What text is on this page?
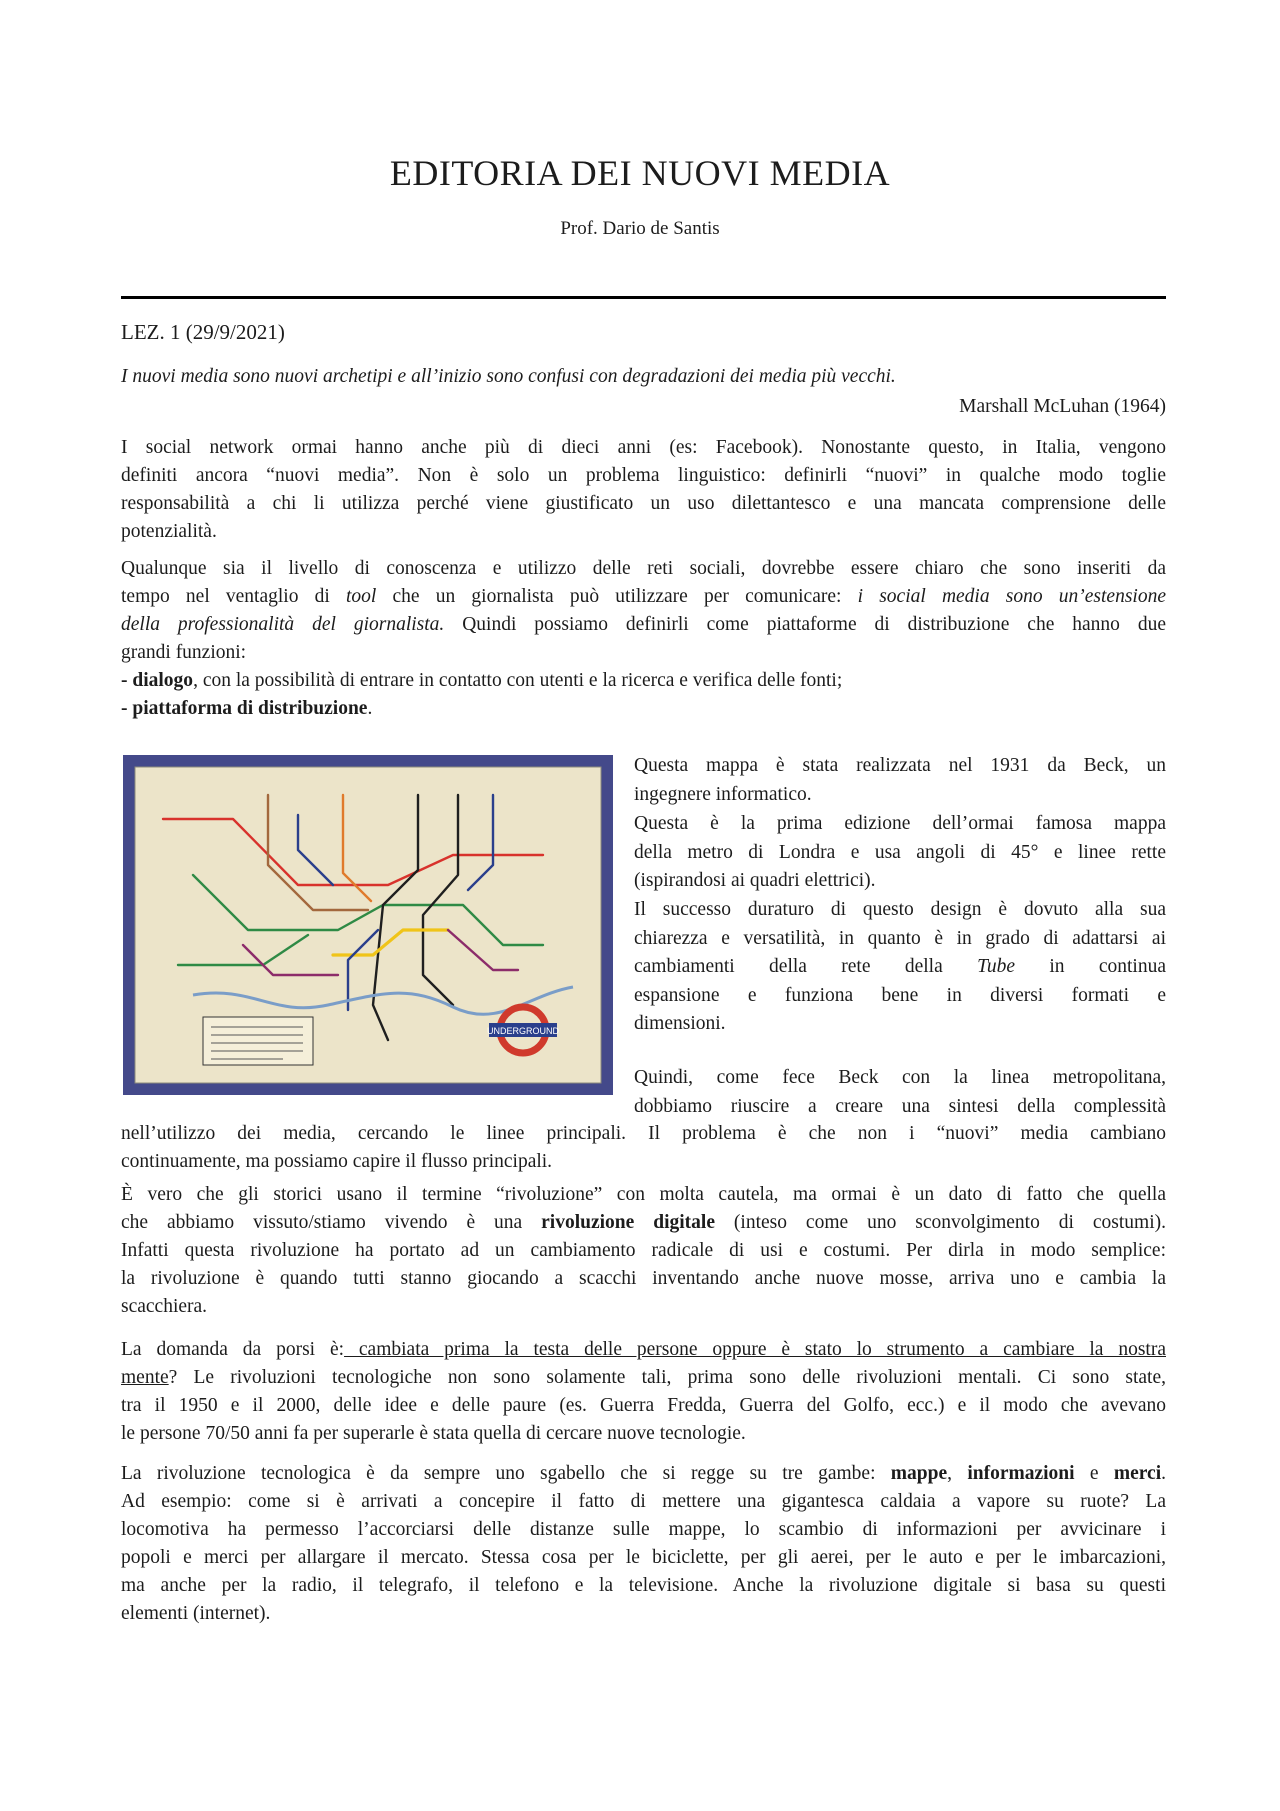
EDITORIA DEI NUOVI MEDIA
Prof. Dario de Santis
LEZ. 1 (29/9/2021)
I nuovi media sono nuovi archetipi e all’inizio sono confusi con degradazioni dei media più vecchi.
Marshall McLuhan (1964)
I social network ormai hanno anche più di dieci anni (es: Facebook). Nonostante questo, in Italia, vengono
definiti ancora “nuovi media”. Non è solo un problema linguistico: definirli “nuovi” in qualche modo toglie
responsabilità a chi li utilizza perché viene giustificato un uso dilettantesco e una mancata comprensione delle
potenzialità.
Qualunque sia il livello di conoscenza e utilizzo delle reti sociali, dovrebbe essere chiaro che sono inseriti da
tempo nel ventaglio di tool che un giornalista può utilizzare per comunicare: i social media sono un’estensione
della professionalità del giornalista. Quindi possiamo definirli come piattaforme di distribuzione che hanno due
grandi funzioni:
- dialogo, con la possibilità di entrare in contatto con utenti e la ricerca e verifica delle fonti;
- piattaforma di distribuzione.
UNDERGROUND
Questa mappa è stata realizzata nel 1931 da Beck, un
ingegnere informatico.
Questa è la prima edizione dell’ormai famosa mappa
della metro di Londra e usa angoli di 45° e linee rette
(ispirandosi ai quadri elettrici).
Il successo duraturo di questo design è dovuto alla sua
chiarezza e versatilità, in quanto è in grado di adattarsi ai
cambiamenti della rete della Tube in continua
espansione e funziona bene in diversi formati e
dimensioni.
Quindi, come fece Beck con la linea metropolitana,
dobbiamo riuscire a creare una sintesi della complessità
nell’utilizzo dei media, cercando le linee principali. Il problema è che non i “nuovi” media cambiano
continuamente, ma possiamo capire il flusso principali.
È vero che gli storici usano il termine “rivoluzione” con molta cautela, ma ormai è un dato di fatto che quella
che abbiamo vissuto/stiamo vivendo è una rivoluzione digitale (inteso come uno sconvolgimento di costumi).
Infatti questa rivoluzione ha portato ad un cambiamento radicale di usi e costumi. Per dirla in modo semplice:
la rivoluzione è quando tutti stanno giocando a scacchi inventando anche nuove mosse, arriva uno e cambia la
scacchiera.
La domanda da porsi è: cambiata prima la testa delle persone oppure è stato lo strumento a cambiare la nostra
mente? Le rivoluzioni tecnologiche non sono solamente tali, prima sono delle rivoluzioni mentali. Ci sono state,
tra il 1950 e il 2000, delle idee e delle paure (es. Guerra Fredda, Guerra del Golfo, ecc.) e il modo che avevano
le persone 70/50 anni fa per superarle è stata quella di cercare nuove tecnologie.
La rivoluzione tecnologica è da sempre uno sgabello che si regge su tre gambe: mappe, informazioni e merci.
Ad esempio: come si è arrivati a concepire il fatto di mettere una gigantesca caldaia a vapore su ruote? La
locomotiva ha permesso l’accorciarsi delle distanze sulle mappe, lo scambio di informazioni per avvicinare i
popoli e merci per allargare il mercato. Stessa cosa per le biciclette, per gli aerei, per le auto e per le imbarcazioni,
ma anche per la radio, il telegrafo, il telefono e la televisione. Anche la rivoluzione digitale si basa su questi
elementi (internet).
